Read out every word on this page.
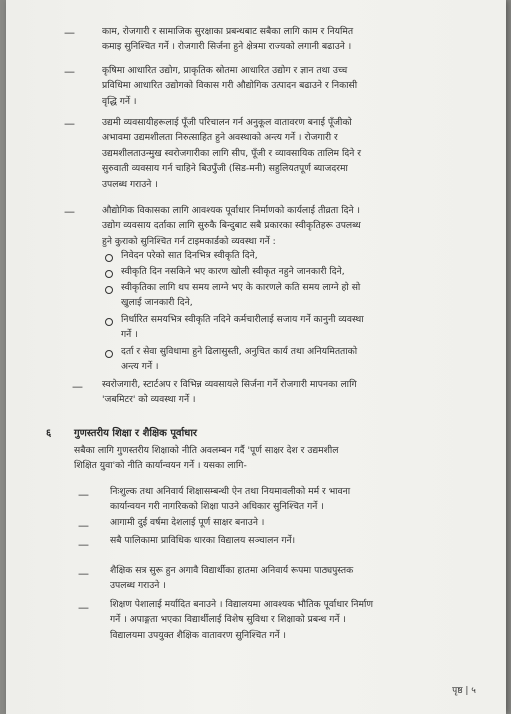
—	काम, रोजगारी र सामाजिक सुरक्षाका प्रबन्धबाट सबैका लागि काम र नियमित
कमाइ सुनिश्चित गर्ने । रोजगारी सिर्जना हुने क्षेत्रमा राज्यको लगानी बढाउने ।
—	कृषिमा आधारित उद्योग, प्राकृतिक स्रोतमा आधारित उद्योग र ज्ञान तथा उच्च
प्रविधिमा आधारित उद्योगको विकास गरी औद्योगिक उत्पादन बढाउने र निकासी
वृद्धि गर्ने ।
—	उद्यमी व्यवसायीहरूलाई पूँजी परिचालन गर्न अनुकूल वातावरण बनाई पूँजीको
अभावमा उद्यमशीलता निरुत्साहित हुने अवस्थाको अन्त्य गर्ने । रोजगारी र
उद्यमशीलताउन्मुख स्वरोजगारीका लागि सीप, पूँजी र व्यावसायिक तालिम दिने र
सुरुवाती व्यवसाय गर्न चाहिने बिउपुँजी (सिड-मनी) सहुलियतपूर्ण ब्याजदरमा
उपलब्ध गराउने ।
—	औद्योगिक विकासका लागि आवश्यक पूर्वाधार निर्माणको कार्यलाई तीव्रता दिने ।
उद्योग व्यवसाय दर्ताका लागि सुरुकै बिन्दुबाट सबै प्रकारका स्वीकृतिहरू उपलब्ध
हुने कुराको सुनिश्चित गर्न टाइमकार्डको व्यवस्था गर्ने :
निवेदन परेको सात दिनभित्र स्वीकृति दिने,
स्वीकृति दिन नसकिने भए कारण खोली स्वीकृत नहुने जानकारी दिने,
स्वीकृतिका लागि थप समय लाग्ने भए के कारणले कति समय लाग्ने हो सो
खुलाई जानकारी दिने,
निर्धारित समयभित्र स्वीकृति नदिने कर्मचारीलाई सजाय गर्ने कानुनी व्यवस्था
गर्ने ।
दर्ता र सेवा सुविधामा हुने ढिलासुस्ती, अनुचित कार्य तथा अनियमितताको
अन्त्य गर्ने ।
— स्वरोजगारी, स्टार्टअप र विभिन्न व्यवसायले सिर्जना गर्ने रोजगारी मापनका लागि
'जबमिटर' को व्यवस्था गर्ने ।
६ गुणस्तरीय शिक्षा र शैक्षिक पूर्वाधार
सबैका लागि गुणस्तरीय शिक्षाको नीति अवलम्बन गर्दै 'पूर्ण साक्षर देश र उद्यमशील
शिक्षित युवा'को नीति कार्यान्वयन गर्ने । यसका लागि-
— निःशुल्क तथा अनिवार्य शिक्षासम्बन्धी ऐन तथा नियमावलीको मर्म र भावना
कार्यान्वयन गरी नागरिकको शिक्षा पाउने अधिकार सुनिश्चित गर्ने ।
— आगामी दुई वर्षमा देशलाई पूर्ण साक्षर बनाउने ।
— सबै पालिकामा प्राविधिक धारका विद्यालय सञ्चालन गर्ने।
— शैक्षिक सत्र सुरू हुन अगावै विद्यार्थीका हातमा अनिवार्य रूपमा पाठ्यपुस्तक
उपलब्ध गराउने ।
— शिक्षण पेशालाई मर्यादित बनाउने । विद्यालयमा आवश्यक भौतिक पूर्वाधार निर्माण
गर्ने । अपाङ्गता भएका विद्यार्थीलाई विशेष सुविधा र शिक्षाको प्रबन्ध गर्ने ।
विद्यालयमा उपयुक्त शैक्षिक वातावरण सुनिश्चित गर्ने ।
पृष्ठ | ५
